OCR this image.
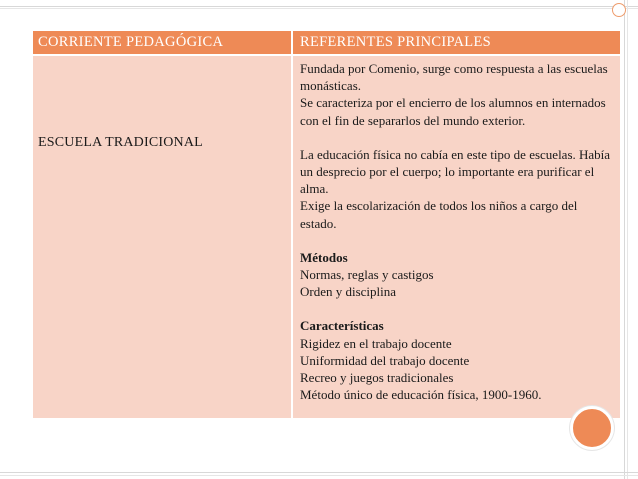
CORRIENTE PEDAGÓGICA	REFERENTES PRINCIPALES
ESCUELA TRADICIONAL

Fundada por Comenio, surge como respuesta a las escuelas monásticas.

Se caracteriza por el encierro de los alumnos en internados con el fin de separarlos del mundo exterior.

La educación física no cabía en este tipo de escuelas. Había un desprecio por el cuerpo; lo importante era purificar el alma.

Exige la escolarización de todos los niños a cargo del estado.

Métodos

Normas, reglas y castigos

Orden y disciplina

Características

Rigidez en el trabajo docente

Uniformidad del trabajo docente

Recreo y juegos tradicionales

Método único de educación física, 1900-1960.
